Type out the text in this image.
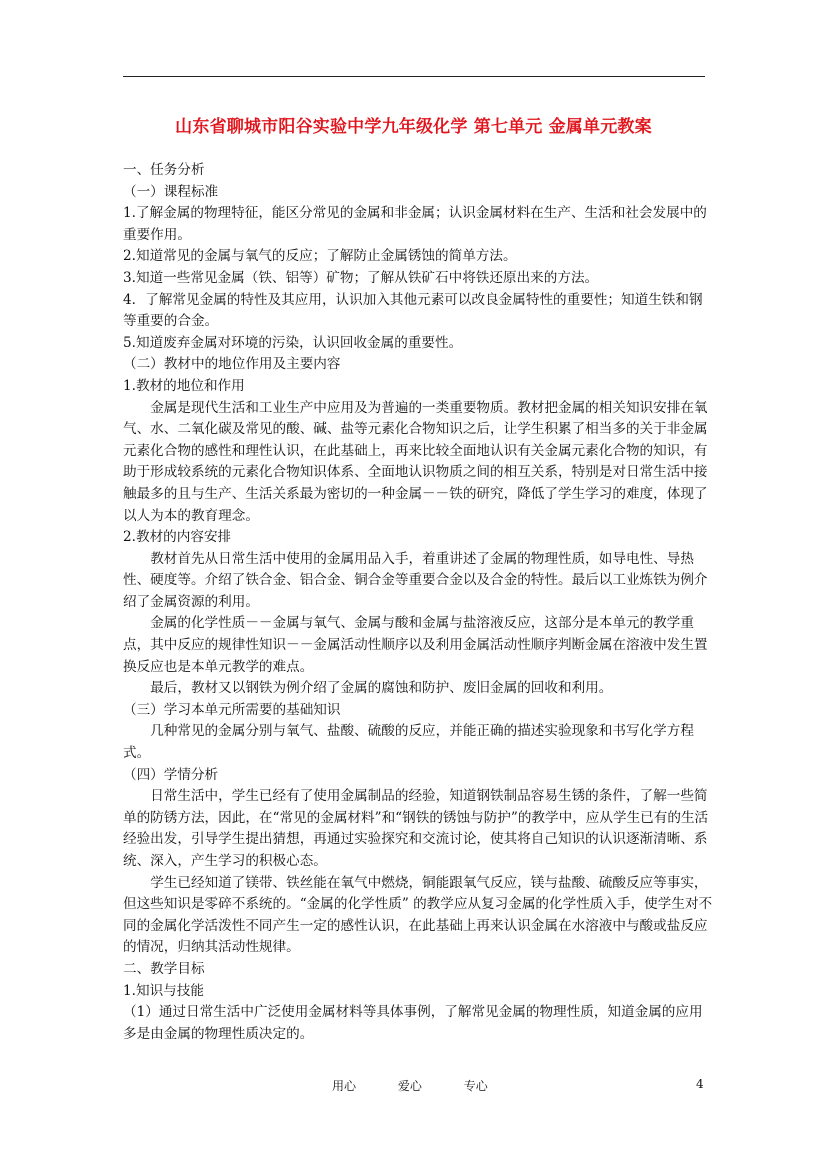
山东省聊城市阳谷实验中学九年级化学 第七单元 金属单元教案

一、任务分析

（一）课程标准

1.了解金属的物理特征，能区分常见的金属和非金属；认识金属材料在生产、生活和社会发展中的重要作用。

2.知道常见的金属与氧气的反应；了解防止金属锈蚀的简单方法。

3.知道一些常见金属（铁、铝等）矿物；了解从铁矿石中将铁还原出来的方法。

4．了解常见金属的特性及其应用，认识加入其他元素可以改良金属特性的重要性；知道生铁和钢等重要的合金。

5.知道废弃金属对环境的污染，认识回收金属的重要性。

（二）教材中的地位作用及主要内容

1.教材的地位和作用

金属是现代生活和工业生产中应用及为普遍的一类重要物质。教材把金属的相关知识安排在氧气、水、二氧化碳及常见的酸、碱、盐等元素化合物知识之后，让学生积累了相当多的关于非金属元素化合物的感性和理性认识，在此基础上，再来比较全面地认识有关金属元素化合物的知识，有助于形成较系统的元素化合物知识体系、全面地认识物质之间的相互关系，特别是对日常生活中接触最多的且与生产、生活关系最为密切的一种金属－－铁的研究，降低了学生学习的难度，体现了以人为本的教育理念。

2.教材的内容安排

教材首先从日常生活中使用的金属用品入手，着重讲述了金属的物理性质，如导电性、导热性、硬度等。介绍了铁合金、铝合金、铜合金等重要合金以及合金的特性。最后以工业炼铁为例介绍了金属资源的利用。

金属的化学性质－－金属与氧气、金属与酸和金属与盐溶液反应，这部分是本单元的教学重点，其中反应的规律性知识－－金属活动性顺序以及利用金属活动性顺序判断金属在溶液中发生置换反应也是本单元教学的难点。

最后，教材又以钢铁为例介绍了金属的腐蚀和防护、废旧金属的回收和利用。

（三）学习本单元所需要的基础知识

几种常见的金属分别与氧气、盐酸、硫酸的反应，并能正确的描述实验现象和书写化学方程式。

（四）学情分析

日常生活中，学生已经有了使用金属制品的经验，知道钢铁制品容易生锈的条件，了解一些简单的防锈方法，因此，在“常见的金属材料”和“钢铁的锈蚀与防护”的教学中，应从学生已有的生活经验出发，引导学生提出猜想，再通过实验探究和交流讨论，使其将自己知识的认识逐渐清晰、系统、深入，产生学习的积极心态。

学生已经知道了镁带、铁丝能在氧气中燃烧，铜能跟氧气反应，镁与盐酸、硫酸反应等事实，但这些知识是零碎不系统的。“金属的化学性质” 的教学应从复习金属的化学性质入手，使学生对不同的金属化学活泼性不同产生一定的感性认识，在此基础上再来认识金属在水溶液中与酸或盐反应的情况，归纳其活动性规律。

二、教学目标

1.知识与技能

（1）通过日常生活中广泛使用金属材料等具体事例，了解常见金属的物理性质，知道金属的应用多是由金属的物理性质决定的。

用心	爱心	专心	4
